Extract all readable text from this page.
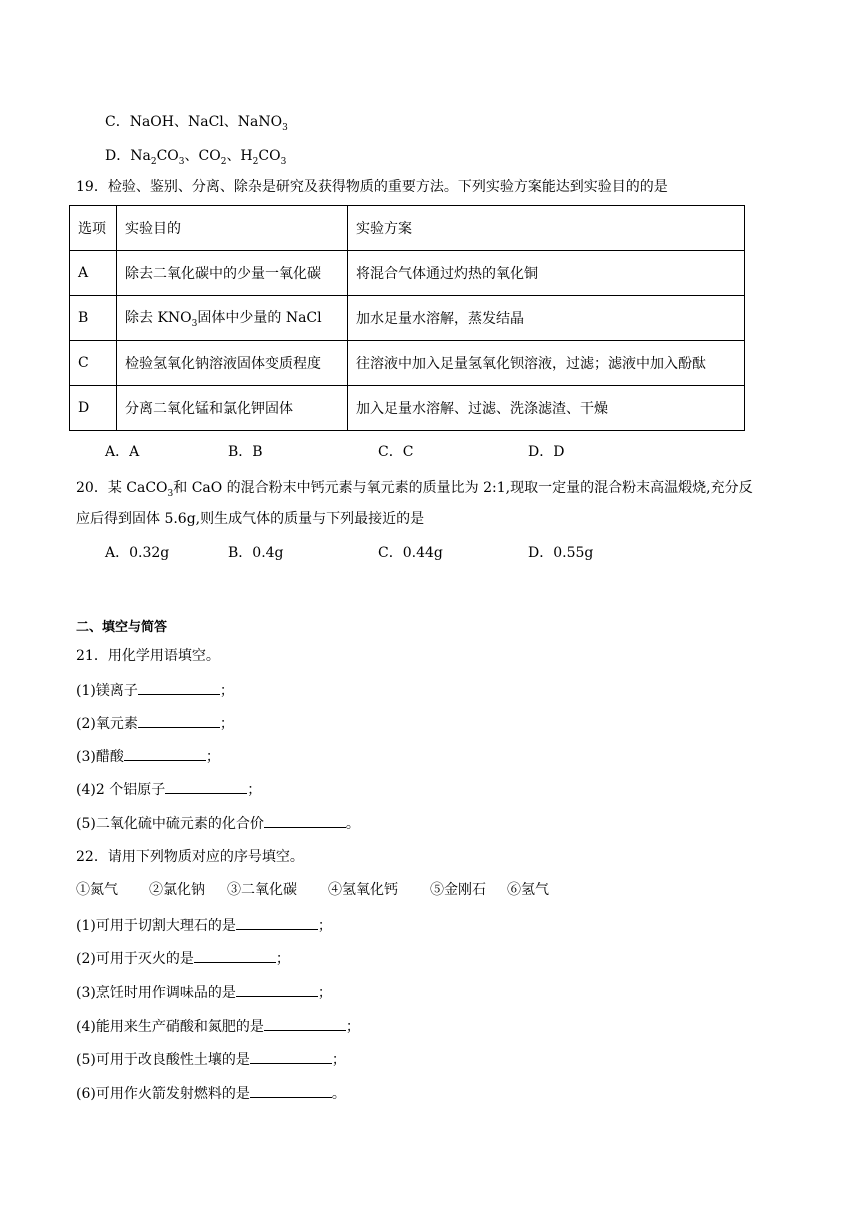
C．NaOH、NaCl、NaNO$_3$
D．$Na_2CO_3$、$CO_2$、$H_2CO_3$
19．检验、鉴别、分离、除杂是研究及获得物质的重要方法。下列实验方案能达到实验目的的是
选项	实验目的	实验方案
A	除去二氧化碳中的少量一氧化碳	将混合气体通过灼热的氧化铜
B	除去 $KNO_3$固体中少量的 NaCl	加水足量水溶解，蒸发结晶
C	检验氢氧化钠溶液固体变质程度	往溶液中加入足量氢氧化钡溶液，过滤；滤液中加入酚酞
D	分离二氧化锰和氯化钾固体	加入足量水溶解、过滤、洗涤滤渣、干燥
A．A	B．B	C．C	D．D
20．某 CaCO$_3$和 CaO 的混合粉末中钙元素与氧元素的质量比为 2:1,现取一定量的混合粉末高温煅烧,充分反
应后得到固体 5.6g,则生成气体的质量与下列最接近的是
A．0.32g	B．0.4g	C．0.44g	D．0.55g
二、填空与简答
21．用化学用语填空。
(1)镁离子	；
(2)氧元素	；
(3)醋酸	；
(4)2 个铝原子	；
(5)二氧化硫中硫元素的化合价	。
22．请用下列物质对应的序号填空。
①氮气 ②氯化钠 ③二氧化碳 ④氢氧化钙 ⑤金刚石 ⑥氢气
(1)可用于切割大理石的是	；
(2)可用于灭火的是	；
(3)烹饪时用作调味品的是	；
(4)能用来生产硝酸和氮肥的是	；
(5)可用于改良酸性土壤的是	；
(6)可用作火箭发射燃料的是	。
